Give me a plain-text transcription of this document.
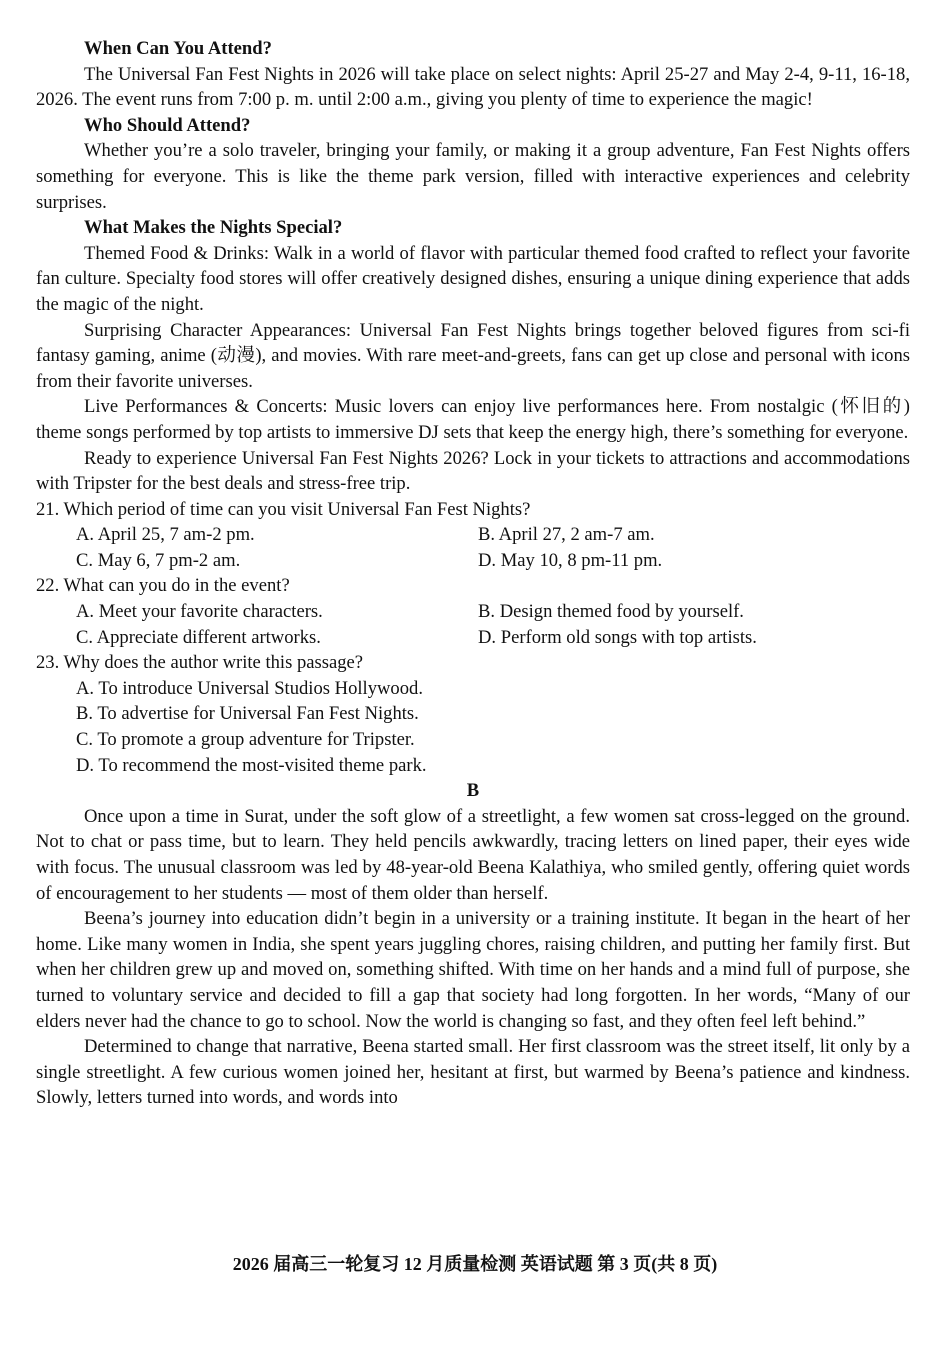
When Can You Attend?

The Universal Fan Fest Nights in 2026 will take place on select nights: April 25-27 and May 2-4, 9-11, 16-18, 2026. The event runs from 7:00 p. m. until 2:00 a.m., giving you plenty of time to experience the magic!

Who Should Attend?

Whether you’re a solo traveler, bringing your family, or making it a group adventure, Fan Fest Nights offers something for everyone. This is like the theme park version, filled with interactive experiences and celebrity surprises.

What Makes the Nights Special?

Themed Food & Drinks: Walk in a world of flavor with particular themed food crafted to reflect your favorite fan culture. Specialty food stores will offer creatively designed dishes, ensuring a unique dining experience that adds the magic of the night.

Surprising Character Appearances: Universal Fan Fest Nights brings together beloved figures from sci-fi fantasy gaming, anime (动漫), and movies. With rare meet-and-greets, fans can get up close and personal with icons from their favorite universes.

Live Performances & Concerts: Music lovers can enjoy live performances here. From nostalgic (怀旧的) theme songs performed by top artists to immersive DJ sets that keep the energy high, there’s something for everyone.

Ready to experience Universal Fan Fest Nights 2026? Lock in your tickets to attractions and accommodations with Tripster for the best deals and stress-free trip.

21. Which period of time can you visit Universal Fan Fest Nights?

A. April 25, 7 am-2 pm.	B. April 27, 2 am-7 am.
C. May 6, 7 pm-2 am.	D. May 10, 8 pm-11 pm.

22. What can you do in the event?

A. Meet your favorite characters.	B. Design themed food by yourself.
C. Appreciate different artworks.	D. Perform old songs with top artists.

23. Why does the author write this passage?

A. To introduce Universal Studios Hollywood.
B. To advertise for Universal Fan Fest Nights.
C. To promote a group adventure for Tripster.
D. To recommend the most-visited theme park.
B

Once upon a time in Surat, under the soft glow of a streetlight, a few women sat cross-legged on the ground. Not to chat or pass time, but to learn. They held pencils awkwardly, tracing letters on lined paper, their eyes wide with focus. The unusual classroom was led by 48-year-old Beena Kalathiya, who smiled gently, offering quiet words of encouragement to her students — most of them older than herself.

Beena’s journey into education didn’t begin in a university or a training institute. It began in the heart of her home. Like many women in India, she spent years juggling chores, raising children, and putting her family first. But when her children grew up and moved on, something shifted. With time on her hands and a mind full of purpose, she turned to voluntary service and decided to fill a gap that society had long forgotten. In her words, “Many of our elders never had the chance to go to school. Now the world is changing so fast, and they often feel left behind.”

Determined to change that narrative, Beena started small. Her first classroom was the street itself, lit only by a single streetlight. A few curious women joined her, hesitant at first, but warmed by Beena’s patience and kindness. Slowly, letters turned into words, and words into

2026 届高三一轮复习 12 月质量检测 英语试题 第 3 页(共 8 页)
